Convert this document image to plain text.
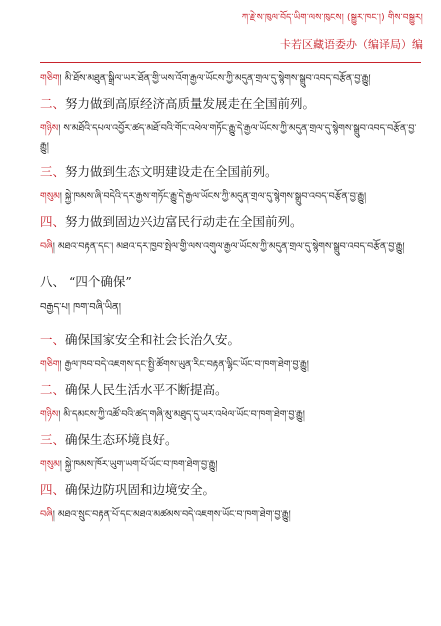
ཀ་རྗེ་ས་ཁུལ་བོད་ཡིག་ལས་ཁུངས། (སྒྱུར་ཁང་།) གིས་བསྒྱུར།
卡若区藏语委办（编译局）编

གཅིག། མི་ཐོས་མཐུན་སྒྲིལ་ཡར་ཐོན་གྱི་ཡས་འོག་རྒྱལ་ཡོངས་ཀྱི་མདུན་གྲལ་དུ་སྙེགས་སྒྲུབ་འབད་བརྩོན་བྱ་རྒྱུ།

二、努力做到高原经济高质量发展走在全国前列。

གཉིས། ས་མཐོའི་དཔལ་འབྱོར་ཚད་མཐོ་བའི་གོང་འཕེལ་གཏོང་རྒྱུ་དེ་རྒྱལ་ཡོངས་ཀྱི་མདུན་གྲལ་དུ་སྙེགས་སྒྲུབ་འབད་བརྩོན་བྱ་རྒྱུ།

三、努力做到生态文明建设走在全国前列。

གསུམ། སྐྱེ་ཁམས་ཞི་བདེའི་དར་རྒྱས་གཏོང་རྒྱུ་དེ་རྒྱལ་ཡོངས་ཀྱི་མདུན་གྲལ་དུ་སྙེགས་སྒྲུབ་འབད་བརྩོན་བྱ་རྒྱུ།

四、努力做到固边兴边富民行动走在全国前列。

བཞི། མཐའ་བརྟན་དང་། མཐའ་དར་ཁྱབ་སྤེལ་གྱི་ལས་འགུལ་རྒྱལ་ཡོངས་ཀྱི་མདུན་གྲལ་དུ་སྙེགས་སྒྲུབ་འབད་བརྩོན་བྱ་རྒྱུ།

八、 “四个确保”
བརྒྱད་པ། ཁག་བཞི་ཡིན།

一、确保国家安全和社会长治久安。

གཅིག། རྒྱལ་ཁབ་བདེ་འཇགས་དང་སྤྱི་ཚོགས་ཡུན་རིང་བརྟན་ལྷིང་ཡོང་བ་ཁག་ཐེག་བྱ་རྒྱུ།

二、确保人民生活水平不断提高。

གཉིས། མི་དམངས་ཀྱི་འཚོ་བའི་ཚད་གཞི་མུ་མཐུད་དུ་ཡར་འཕེལ་ཡོང་བ་ཁག་ཐེག་བྱ་རྒྱུ།

三、确保生态环境良好。

གསུམ། སྐྱེ་ཁམས་ཁོར་ཡུག་ཡག་པོ་ཡོང་བ་ཁག་ཐེག་བྱ་རྒྱུ།

四、确保边防巩固和边境安全。

བཞི། མཐའ་སྲུང་བརྟན་པོ་དང་མཐའ་མཚམས་བདེ་འཇགས་ཡོང་བ་ཁག་ཐེག་བྱ་རྒྱུ།
